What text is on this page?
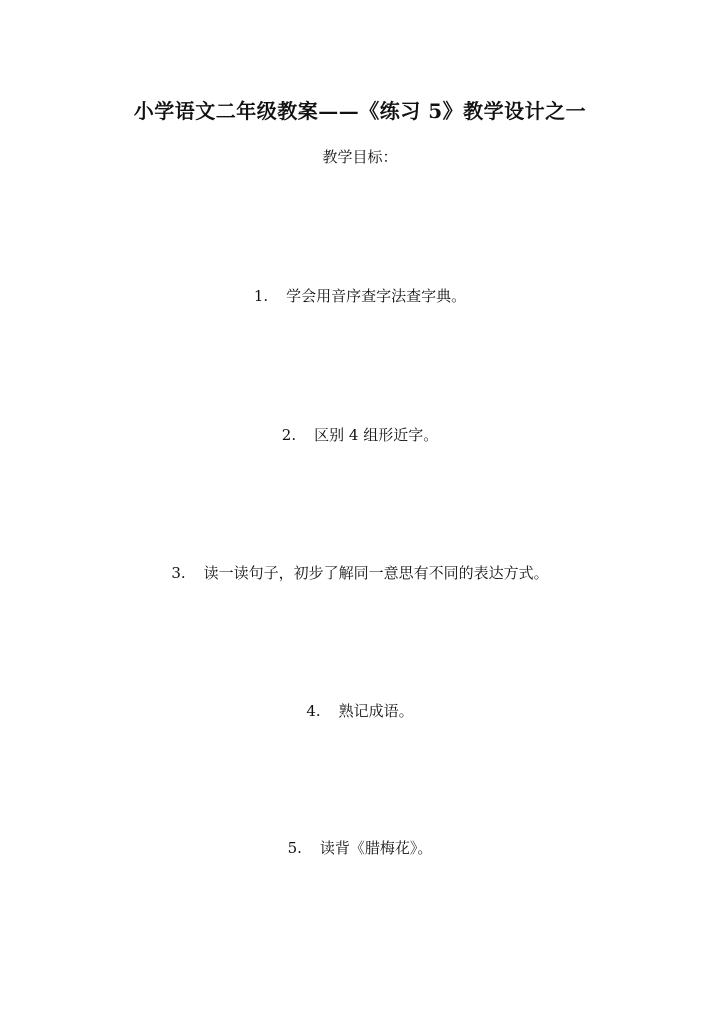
小学语文二年级教案——《练习 5》教学设计之一
教学目标：
1. 学会用音序查字法查字典。
2. 区别 4 组形近字。
3. 读一读句子，初步了解同一意思有不同的表达方式。
4. 熟记成语。
5. 读背《腊梅花》。
